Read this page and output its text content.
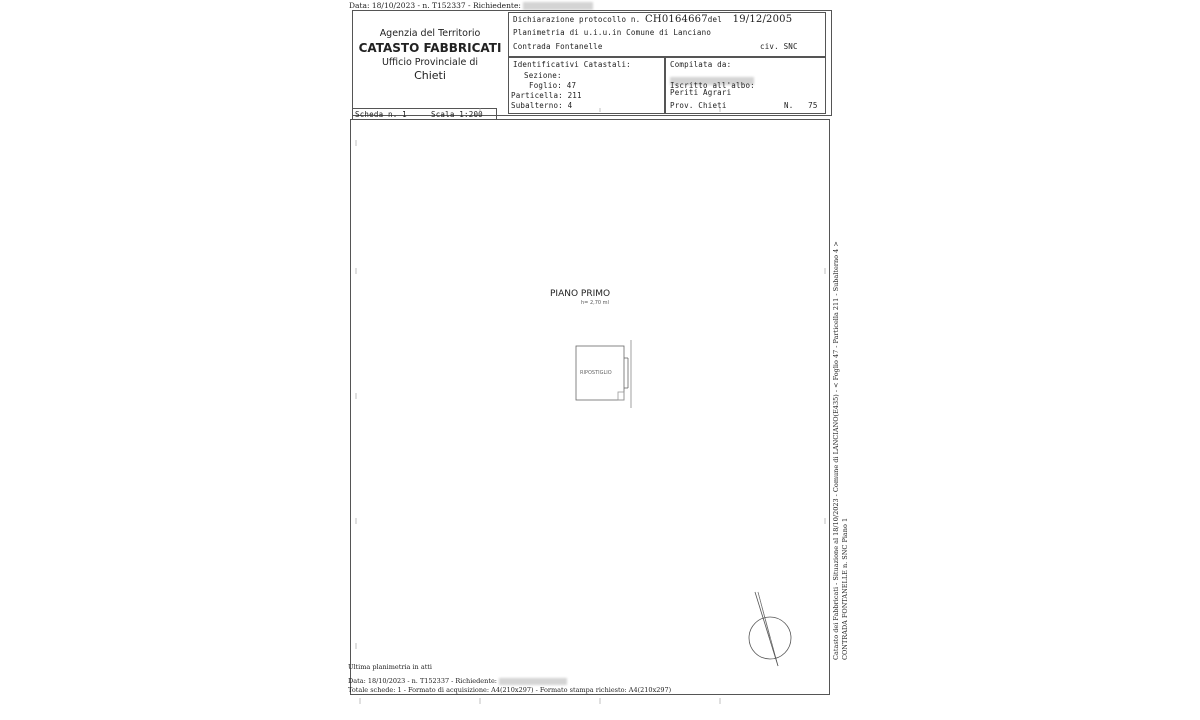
Data: 18/10/2023 - n. T152337 - Richiedente:
Agenzia del Territorio
CATASTO FABBRICATI
Ufficio Provinciale di
Chieti
Dichiarazione protocollo n. CH0164667del 19/12/2005
Planimetria di u.i.u.in Comune di Lanciano
Contrada Fontanelle	civ. SNC
Identificativi Catastali:
Sezione:
Foglio: 47
Particella: 211
Subalterno: 4
Compilata da:
Iscritto all'albo:
Periti Agrari
Prov. Chieti	N. 75
Scheda n. 1	Scala 1:200
PIANO PRIMO
h= 2,70 ml
RIPOSTIGLIO	Catasto dei Fabbricati - Situazione al 18/10/2023 - Comune di LANCIANO(E435) - < Foglio 47 - Particella 211 - Subalterno 4 > CONTRADA FONTANELLE n. SNC Piano 1
Ultima planimetria in atti
Data: 18/10/2023 - n. T152337 - Richiedente:
Totale schede: 1 - Formato di acquisizione: A4(210x297) - Formato stampa richiesto: A4(210x297)
